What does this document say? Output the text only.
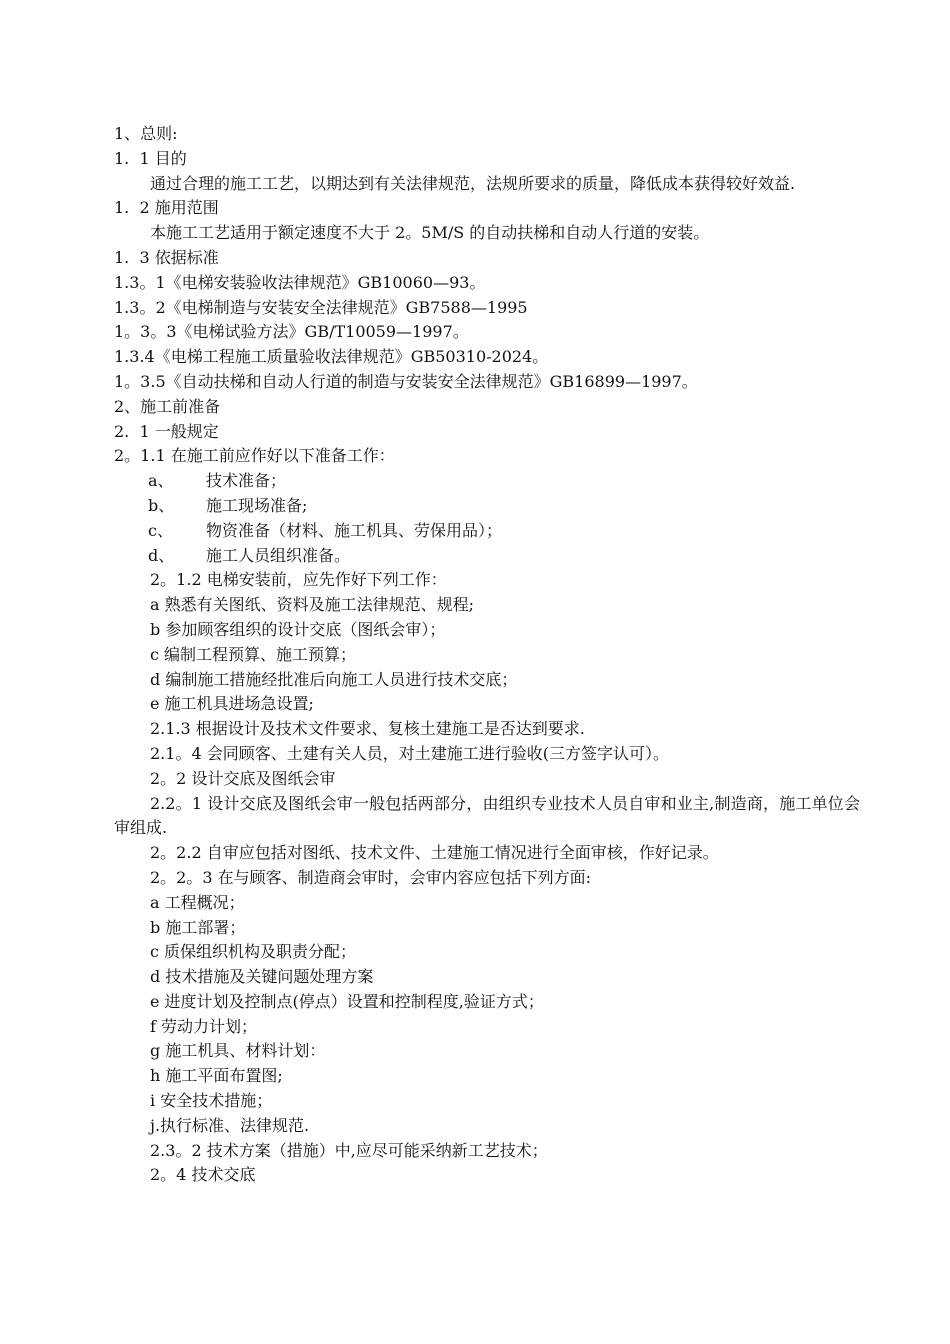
1、总则:

1.  1 目的

通过合理的施工工艺，以期达到有关法律规范，法规所要求的质量，降低成本获得较好效益.

1.  2 施用范围

本施工工艺适用于额定速度不大于 2。5M/S 的自动扶梯和自动人行道的安装。

1.  3 依据标准

1.3。1《电梯安装验收法律规范》GB10060—93。

1.3。2《电梯制造与安装安全法律规范》GB7588—1995

1。3。3《电梯试验方法》GB/T10059—1997。

1.3.4《电梯工程施工质量验收法律规范》GB50310-2024。

1。3.5《自动扶梯和自动人行道的制造与安装安全法律规范》GB16899—1997。

2、施工前准备

2.  1 一般规定

2。1.1 在施工前应作好以下准备工作：

a、	技术准备；
b、	施工现场准备;
c、	物资准备（材料、施工机具、劳保用品）；
d、	施工人员组织准备。

2。1.2 电梯安装前，应先作好下列工作：

a 熟悉有关图纸、资料及施工法律规范、规程;

b 参加顾客组织的设计交底（图纸会审）；

c 编制工程预算、施工预算；

d 编制施工措施经批准后向施工人员进行技术交底；

e 施工机具进场急设置;

2.1.3 根据设计及技术文件要求、复核土建施工是否达到要求.

2.1。4 会同顾客、土建有关人员，对土建施工进行验收(三方签字认可）。

2。2 设计交底及图纸会审

2.2。1 设计交底及图纸会审一般包括两部分，由组织专业技术人员自审和业主,制造商，施工单位会审组成.

2。2.2 自审应包括对图纸、技术文件、土建施工情况进行全面审核，作好记录。

2。2。3 在与顾客、制造商会审时，会审内容应包括下列方面:

a 工程概况；

b 施工部署；

c 质保组织机构及职责分配；

d 技术措施及关键问题处理方案

e 进度计划及控制点(停点）设置和控制程度,验证方式；

f 劳动力计划；

g 施工机具、材料计划：

h 施工平面布置图;

i 安全技术措施；

j.执行标准、法律规范.

2.3。2 技术方案（措施）中,应尽可能采纳新工艺技术；

2。4 技术交底
